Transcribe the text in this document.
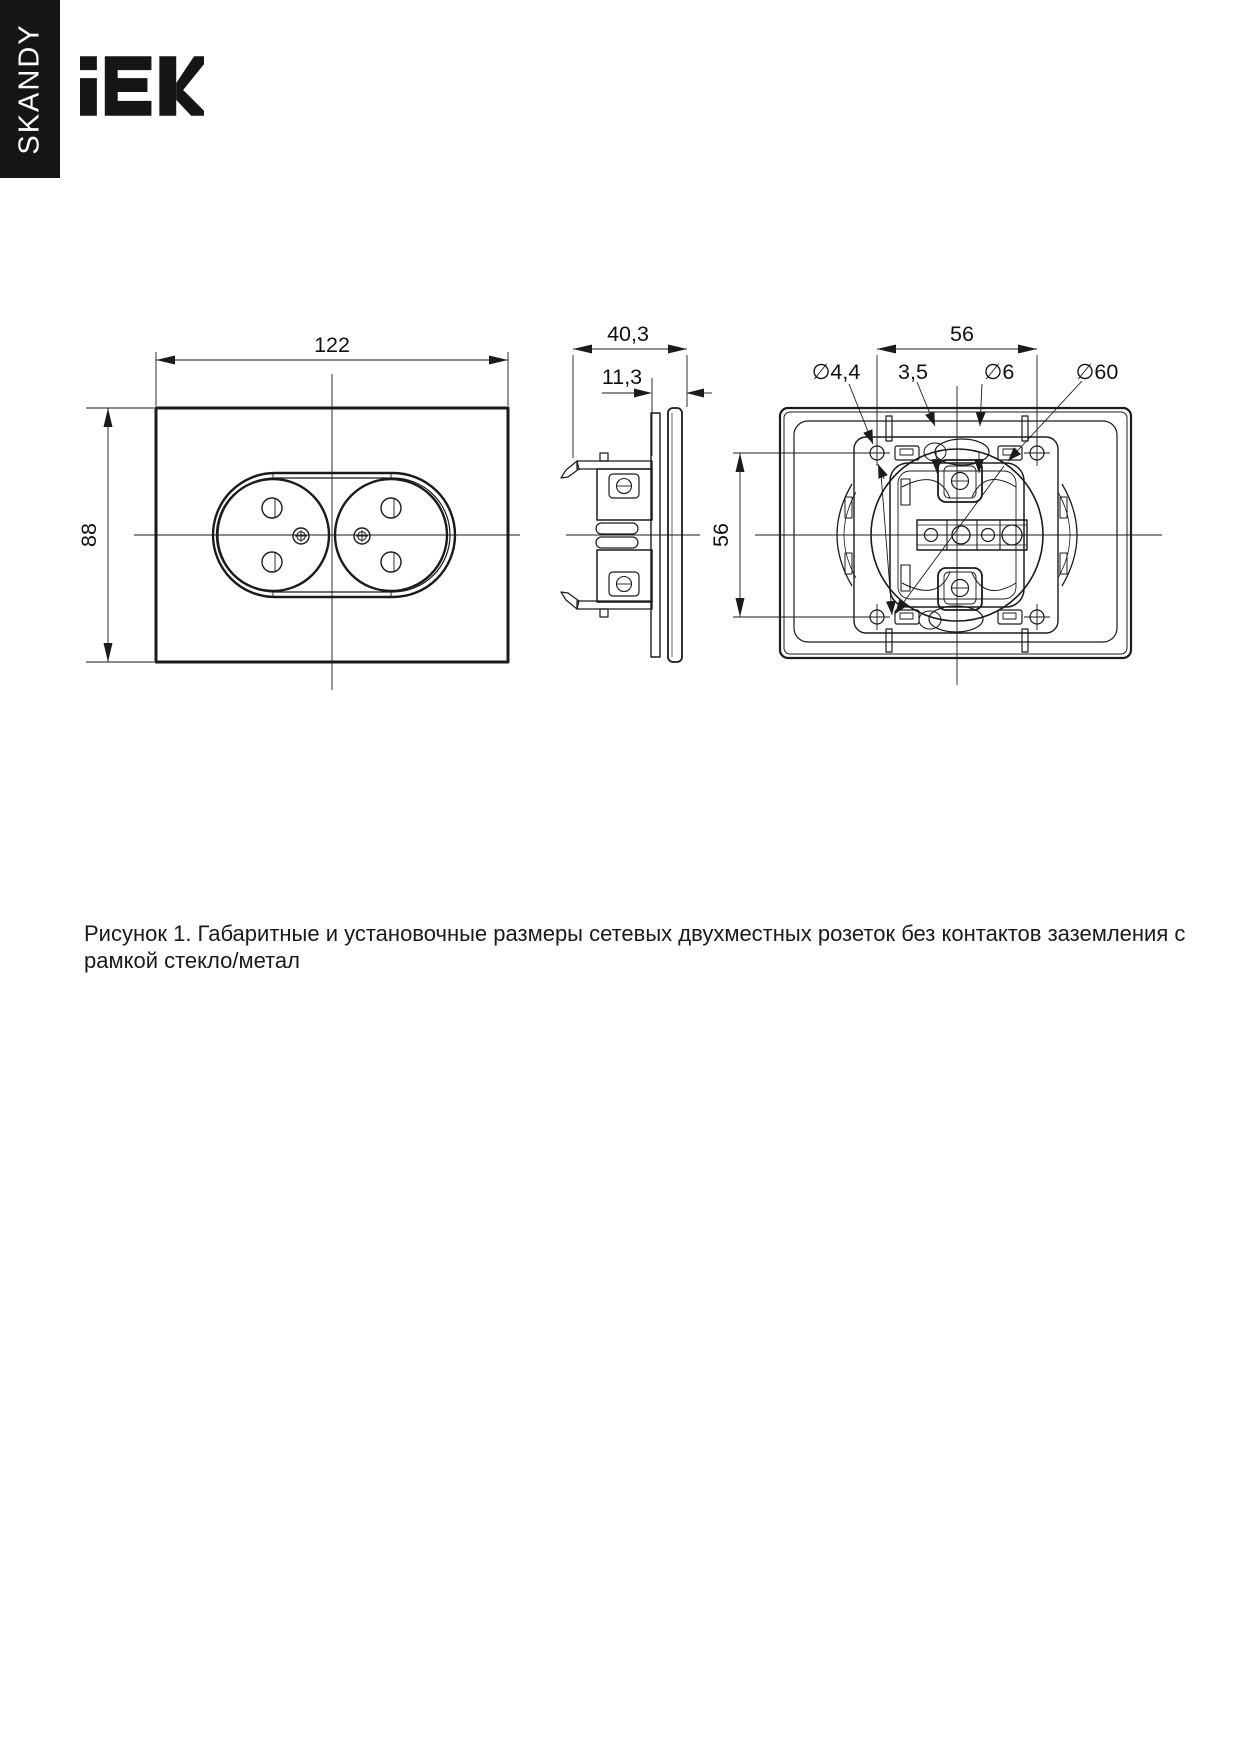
SKANDY
122
88
40,3
11,3
56
56
∅4,4 3,5	∅6	∅60
Рисунок 1. Габаритные и установочные размеры сетевых двухместных розеток без контактов заземления с
рамкой стекло/метал
